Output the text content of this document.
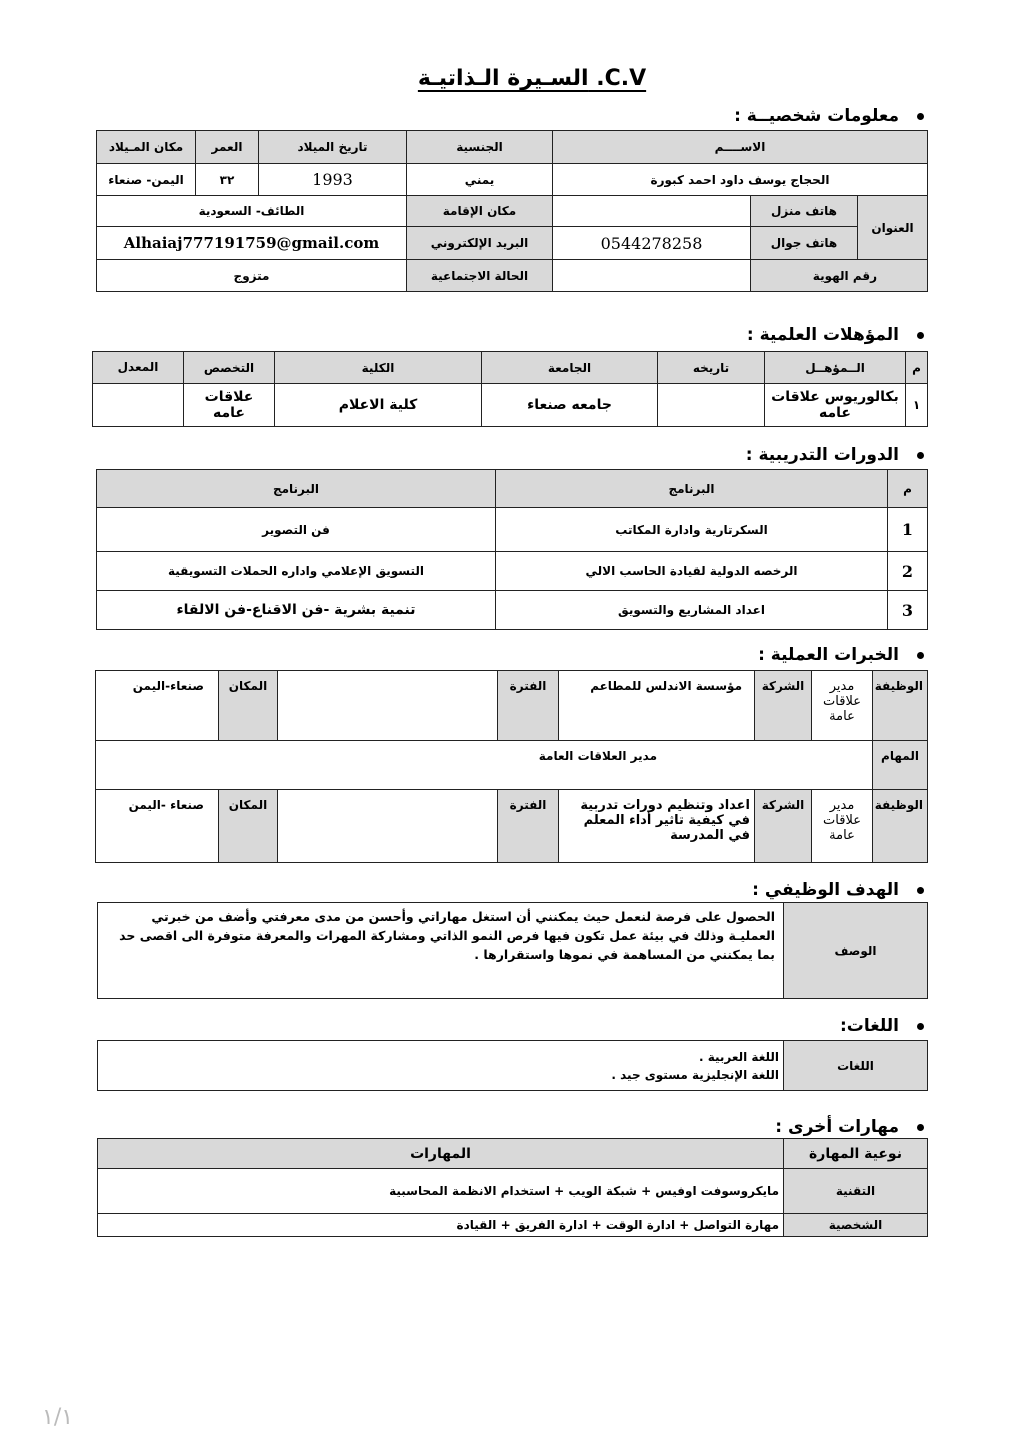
السـيرة الـذاتيـة .C.V
معلومات شخصيــة :
الاســــم			الجنسية	تاريخ الميلاد	العمر	مكان المـيلاد
الحجاج يوسف داود احمد كبورة			يمني	1993	٣٢	اليمن- صنعاء
العنوان	هاتف منزل		مكان الإقامة	الطائف- السعودية		
	هاتف جوال	0544278258	البريد الإلكتروني	Alhaiaj777191759@gmail.com		
رقم الهوية			الحالة الاجتماعية	متزوج		
المؤهلات العلمية :
م	الــمؤهــل	تاريخه	الجامعة	الكلية	التخصص	المعدل
١	بكالوريوس علاقات عامه		جامعه صنعاء	كلية الاعلام	علاقات عامه	
الدورات التدريبية :
م	البرنامج	البرنامج
1	السكرتارية وادارة المكاتب	فن التصوير
2	الرخصه الدولية لقيادة الحاسب الالي	التسويق الإعلامي واداره الحملات التسويقية
3	اعداد المشاريع والتسويق	تنمية بشرية -فن الاقناع-فن الالقاء
الخبرات العملية :
الوظيفة	مدير علاقات عامة	الشركة	مؤسسة الاندلس للمطاعم	الفترة		المكان	صنعاء-اليمن
المهام	مدير العلاقات العامة						
الوظيفة	مدير علاقات عامة	الشركة	اعداد وتنظيم دورات تدربية في كيفية تاثير أداء المعلم في المدرسة	الفترة		المكان	صنعاء -اليمن
الهدف الوظيفي :
الوصف	الحصول على فرصة لنعمل حيث يمكنني أن استغل مهاراتي وأحسن من مدى معرفتي وأضف من خبرتي العمليـة وذلك في بيئة عمل تكون فيها فرص النمو الذاتي ومشاركة المهرات والمعرفة متوفرة الى اقصى حد بما يمكنني من المساهمة في نموها واستقرارها .
اللغات:
اللغات	
اللغة العربية .
اللغة الإنجليزية مستوى جيد .
مهارات أخرى :
نوعية المهارة	المهارات
التقنية	مايكروسوفت اوفيس + شبكة الويب + استخدام الانظمة المحاسبية
الشخصية	مهارة التواصل + ادارة الوقت + ادارة الفريق + القيادة
١/١
